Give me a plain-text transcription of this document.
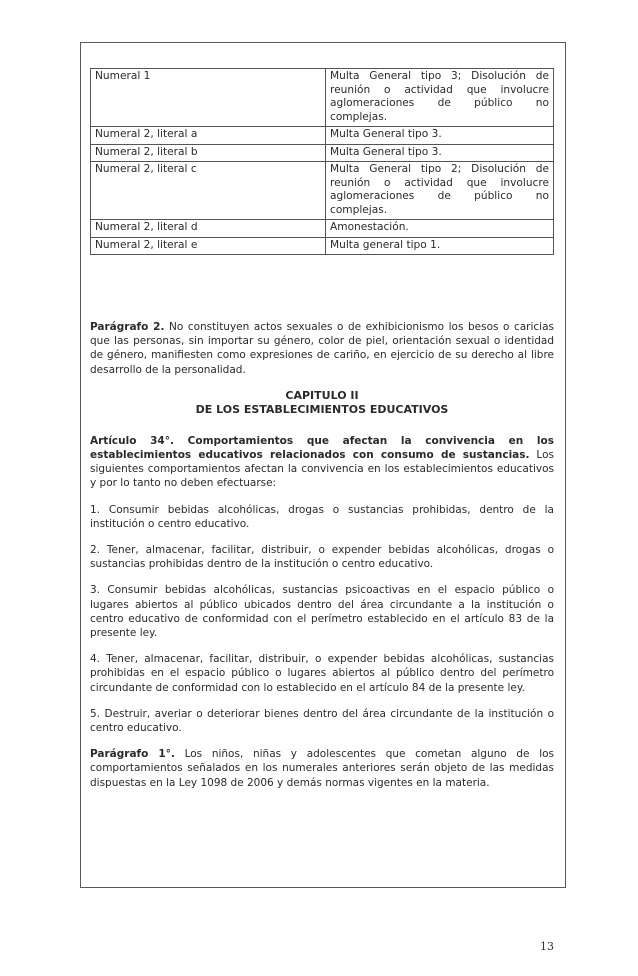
Numeral 1	Multa General tipo 3; Disolución de reunión o actividad que involucre aglomeraciones de público no complejas.
Numeral 2, literal a	Multa General tipo 3.
Numeral 2, literal b	Multa General tipo 3.
Numeral 2, literal c	Multa General tipo 2; Disolución de reunión o actividad que involucre aglomeraciones de público no complejas.
Numeral 2, literal d	Amonestación.
Numeral 2, literal e	Multa general tipo 1.

Parágrafo 2. No constituyen actos sexuales o de exhibicionismo los besos o caricias que las personas, sin importar su género, color de piel, orientación sexual o identidad de género, manifiesten como expresiones de cariño, en ejercicio de su derecho al libre desarrollo de la personalidad.

CAPITULO II
DE LOS ESTABLECIMIENTOS EDUCATIVOS

Artículo 34°. Comportamientos que afectan la convivencia en los establecimientos educativos relacionados con consumo de sustancias. Los siguientes comportamientos afectan la convivencia en los establecimientos educativos y por lo tanto no deben efectuarse:

1. Consumir bebidas alcohólicas, drogas o sustancias prohibidas, dentro de la institución o centro educativo.

2. Tener, almacenar, facilitar, distribuir, o expender bebidas alcohólicas, drogas o sustancias prohibidas dentro de la institución o centro educativo.

3. Consumir bebidas alcohólicas, sustancias psicoactivas en el espacio público o lugares abiertos al público ubicados dentro del área circundante a la institución o centro educativo de conformidad con el perímetro establecido en el artículo 83 de la presente ley.

4. Tener, almacenar, facilitar, distribuir, o expender bebidas alcohólicas, sustancias prohibidas en el espacio público o lugares abiertos al público dentro del perímetro circundante de conformidad con lo establecido en el artículo 84 de la presente ley.

5. Destruir, averiar o deteriorar bienes dentro del área circundante de la institución o centro educativo.

Parágrafo 1°. Los niños, niñas y adolescentes que cometan alguno de los comportamientos señalados en los numerales anteriores serán objeto de las medidas dispuestas en la Ley 1098 de 2006 y demás normas vigentes en la materia.

13
